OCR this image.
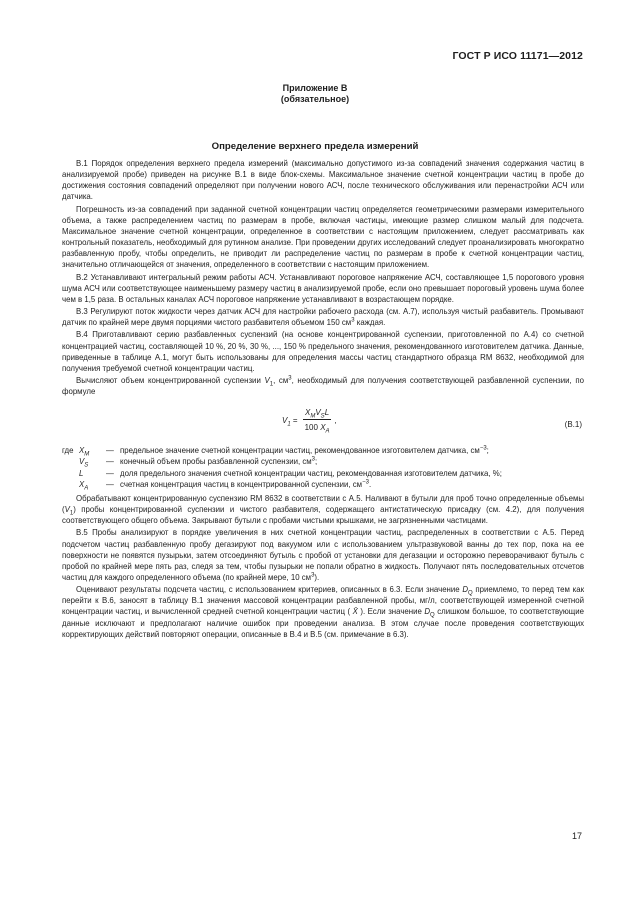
ГОСТ Р ИСО 11171—2012
Приложение В
(обязательное)
Определение верхнего предела измерений

В.1 Порядок определения верхнего предела измерений (максимально допустимого из-за совпадений значения содержания частиц в анализируемой пробе) приведен на рисунке В.1 в виде блок-схемы. Максимальное значение счетной концентрации частиц в пробе до достижения состояния совпадений определяют при получении нового АСЧ, после технического обслуживания или перенастройки АСЧ или датчика.

Погрешность из-за совпадений при заданной счетной концентрации частиц определяется геометрическими размерами измерительного объема, а также распределением частиц по размерам в пробе, включая частицы, имеющие размер слишком малый для подсчета. Максимальное значение счетной концентрации, определенное в соответствии с настоящим приложением, следует рассматривать как контрольный показатель, необходимый для рутинном анализе. При проведении других исследований следует проанализировать многократно разбавленную пробу, чтобы определить, не приводит ли распределение частиц по размерам в пробе к счетной концентрации частиц, значительно отличающейся от значения, определенного в соответствии с настоящим приложением.

В.2 Устанавливают интегральный режим работы АСЧ. Устанавливают пороговое напряжение АСЧ, составляющее 1,5 порогового уровня шума АСЧ или соответствующее наименьшему размеру частиц в анализируемой пробе, если оно превышает пороговый уровень шума более чем в 1,5 раза. В остальных каналах АСЧ пороговое напряжение устанавливают в возрастающем порядке.

В.3 Регулируют поток жидкости через датчик АСЧ для настройки рабочего расхода (см. А.7), используя чистый разбавитель. Промывают датчик по крайней мере двумя порциями чистого разбавителя объемом 150 $см^3$ каждая.

В.4 Приготавливают серию разбавленных суспензий (на основе концентрированной суспензии, приготовленной по А.4) со счетной концентрацией частиц, составляющей 10 %, 20 %, 30 %, ..., 150 % предельного значения, рекомендованного изготовителем датчика. Данные, приведенные в таблице А.1, могут быть использованы для определения массы частиц стандартного образца RM 8632, необходимой для получения требуемой счетной концентрации частиц.

Вычисляют объем концентрированной суспензии $V_1$, $см^3$, необходимый для получения соответствующей разбавленной суспензии, по формуле

$V_1 = \frac{X_MV_SL}{100 X_A}$ ,	(В.1)
где $X_M$	— предельное значение счетной концентрации частиц, рекомендованное изготовителем датчика, $см^{-3}$;
$V_S$	— конечный объем пробы разбавленной суспензии, $см^3$;
L	— доля предельного значения счетной концентрации частиц, рекомендованная изготовителем датчика, %;
$X_A$	— счетная концентрация частиц в концентрированной суспензии, $см^{-3}$.

Обрабатывают концентрированную суспензию RM 8632 в соответствии с А.5. Наливают в бутыли для проб точно определенные объемы $(V_1)$ пробы концентрированной суспензии и чистого разбавителя, содержащего антистатическую присадку (см. 4.2), для получения соответствующего общего объема. Закрывают бутыли с пробами чистыми крышками, не загрязненными частицами.

В.5 Пробы анализируют в порядке увеличения в них счетной концентрации частиц, распределенных в соответствии с А.5. Перед подсчетом частиц разбавленную пробу дегазируют под вакуумом или с использованием ультразвуковой ванны до тех пор, пока на ее поверхности не появятся пузырьки, затем отсоединяют бутыль с пробой от установки для дегазации и осторожно переворачивают бутыль с пробой по крайней мере пять раз, следя за тем, чтобы пузырьки не попали обратно в жидкость. Получают пять последовательных отсчетов частиц для каждого определенного объема (по крайней мере, 10 $см^3$).

Оценивают результаты подсчета частиц, с использованием критериев, описанных в 6.3. Если значение $D_Q$ приемлемо, то перед тем как перейти к В.6, заносят в таблицу В.1 значения массовой концентрации разбавленной пробы, мг/л, соответствующей измеренной счетной концентрации частиц, и вычисленной средней счетной концентрации частиц ( X̄ ). Если значение $D_Q$ слишком большое, то соответствующие данные исключают и предполагают наличие ошибок при проведении анализа. В этом случае после проведения соответствующих корректирующих действий повторяют операции, описанные в В.4 и В.5 (см. примечание в 6.3).

17
